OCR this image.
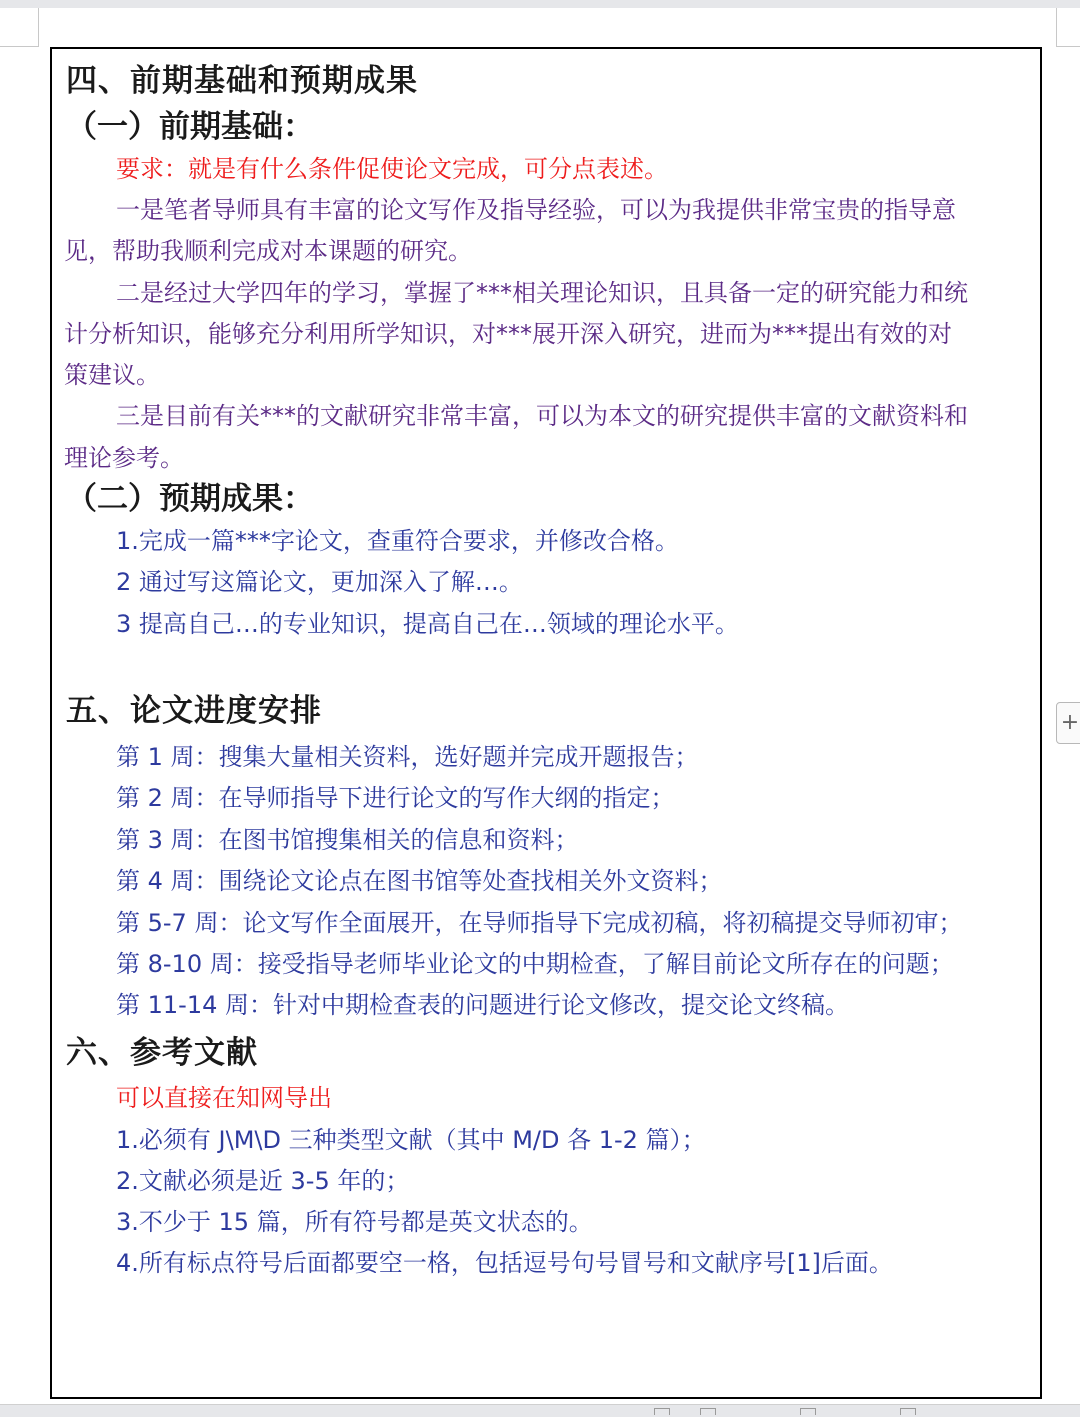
+
四、前期基础和预期成果
（一）前期基础：
要求：就是有什么条件促使论文完成，可分点表述。
一是笔者导师具有丰富的论文写作及指导经验，可以为我提供非常宝贵的指导意
见，帮助我顺利完成对本课题的研究。
二是经过大学四年的学习，掌握了***相关理论知识，且具备一定的研究能力和统
计分析知识，能够充分利用所学知识，对***展开深入研究，进而为***提出有效的对
策建议。
三是目前有关***的文献研究非常丰富，可以为本文的研究提供丰富的文献资料和
理论参考。
（二）预期成果：
1.完成一篇***字论文，查重符合要求，并修改合格。
2 通过写这篇论文，更加深入了解…。
3 提高自己…的专业知识，提高自己在…领域的理论水平。
五、论文进度安排
第 1 周：搜集大量相关资料，选好题并完成开题报告；
第 2 周：在导师指导下进行论文的写作大纲的指定；
第 3 周：在图书馆搜集相关的信息和资料；
第 4 周：围绕论文论点在图书馆等处查找相关外文资料；
第 5-7 周：论文写作全面展开，在导师指导下完成初稿，将初稿提交导师初审；
第 8-10 周：接受指导老师毕业论文的中期检查，了解目前论文所存在的问题；
第 11-14 周：针对中期检查表的问题进行论文修改，提交论文终稿。
六、参考文献
可以直接在知网导出
1.必须有 J\M\D 三种类型文献（其中 M/D 各 1-2 篇）；
2.文献必须是近 3-5 年的；
3.不少于 15 篇，所有符号都是英文状态的。
4.所有标点符号后面都要空一格，包括逗号句号冒号和文献序号[1]后面。
